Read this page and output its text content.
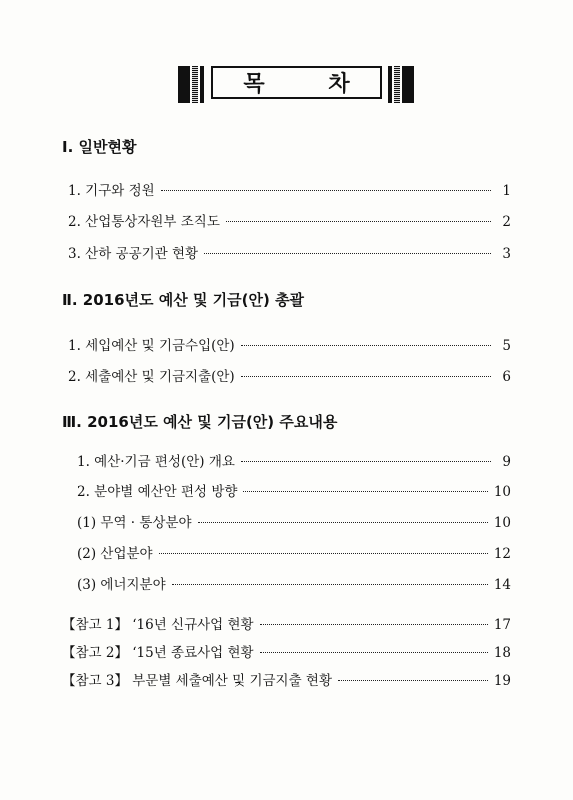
목 차
I. 일반현황
1. 기구와 정원	1
2. 산업통상자원부 조직도	2
3. 산하 공공기관 현황	3
Ⅱ. 2016년도 예산 및 기금(안) 총괄
1. 세입예산 및 기금수입(안)	5
2. 세출예산 및 기금지출(안)	6
Ⅲ. 2016년도 예산 및 기금(안) 주요내용
1. 예산·기금 편성(안) 개요	9
2. 분야별 예산안 편성 방향	10
(1) 무역 · 통상분야	10
(2) 산업분야	12
(3) 에너지분야	14
【참고 1】 ‘16년 신규사업 현황	17
【참고 2】 ‘15년 종료사업 현황	18
【참고 3】 부문별 세출예산 및 기금지출 현황	19
